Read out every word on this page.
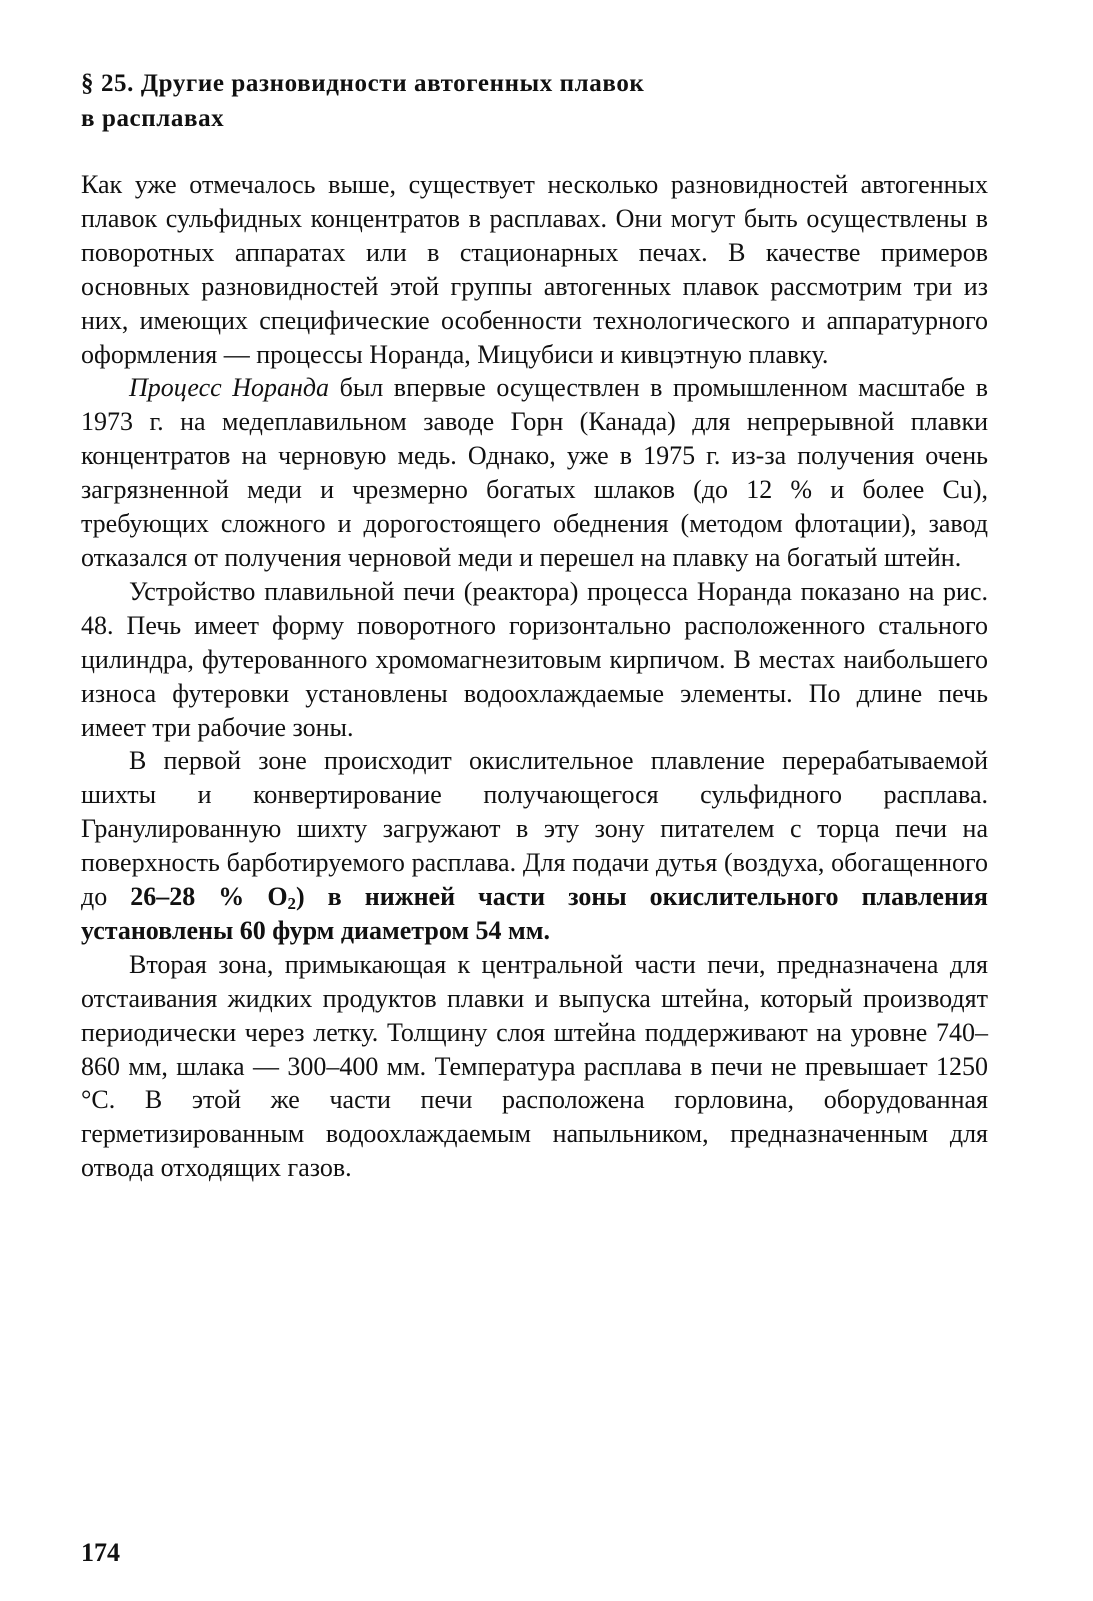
§ 25. Другие разновидности автогенных плавок
в расплавах

Как уже отмечалось выше, существует несколько разновидностей автогенных плавок сульфидных концентратов в расплавах. Они могут быть осуществлены в поворотных аппаратах или в стационарных печах. В качестве примеров основных разновидностей этой группы автогенных плавок рассмотрим три из них, имеющих специфические особенности технологического и аппаратурного оформления — процессы Норанда, Мицубиси и кивцэтную плавку.

Процесс Норанда был впервые осуществлен в промышленном масштабе в 1973 г. на медеплавильном заводе Горн (Канада) для непрерывной плавки концентратов на черновую медь. Однако, уже в 1975 г. из-за получения очень загрязненной меди и чрезмерно богатых шлаков (до 12 % и более Cu), требующих сложного и дорогостоящего обеднения (методом флотации), завод отказался от получения черновой меди и перешел на плавку на богатый штейн.

Устройство плавильной печи (реактора) процесса Норанда показано на рис. 48. Печь имеет форму поворотного горизонтально расположенного стального цилиндра, футерованного хромомагнезитовым кирпичом. В местах наибольшего износа футеровки установлены водоохлаждаемые элементы. По длине печь имеет три рабочие зоны.

В первой зоне происходит окислительное плавление перерабатываемой шихты и конвертирование получающегося сульфидного расплава. Гранулированную шихту загружают в эту зону питателем с торца печи на поверхность барботируемого расплава. Для подачи дутья (воздуха, обогащенного до 26–28 % $O_2$) в нижней части зоны окислительного плавления установлены 60 фурм диаметром 54 мм.

Вторая зона, примыкающая к центральной части печи, предназначена для отстаивания жидких продуктов плавки и выпуска штейна, который производят периодически через летку. Толщину слоя штейна поддерживают на уровне 740–860 мм, шлака — 300–400 мм. Температура расплава в печи не превышает 1250 °С. В этой же части печи расположена горловина, оборудованная герметизированным водоохлаждаемым напыльником, предназначенным для отвода отходящих газов.

174
